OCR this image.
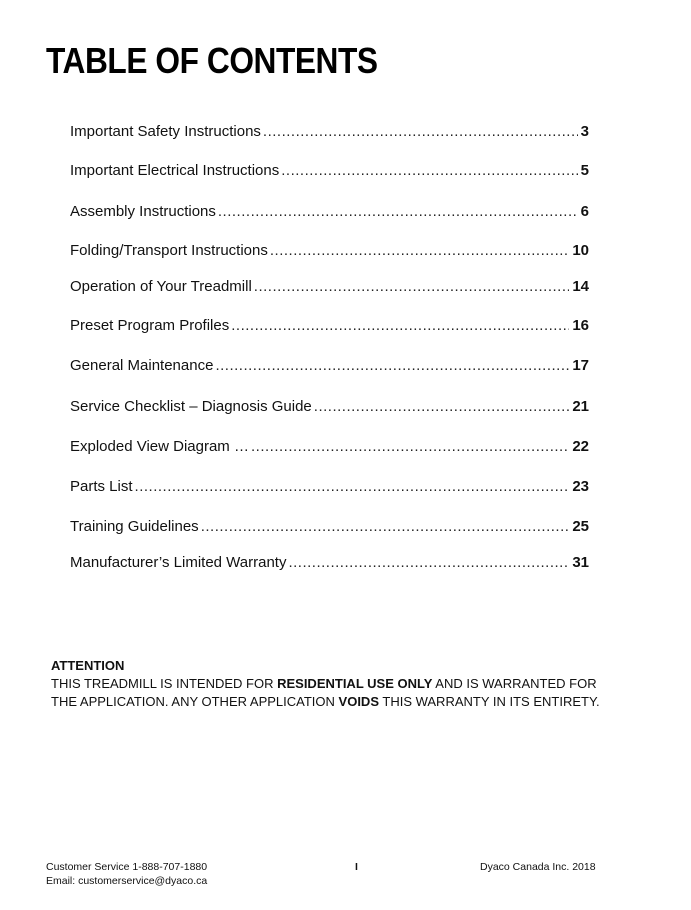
TABLE OF CONTENTS
Important Safety Instructions .....	3
Important Electrical Instructions .....	5
Assembly Instructions .....	6
Folding/Transport Instructions .....	10
Operation of Your Treadmill .....	14
Preset Program Profiles .....	16
General Maintenance .....	17
Service Checklist – Diagnosis Guide .....	21
Exploded View Diagram … .....	22
Parts List .....	23
Training Guidelines .....	25
Manufacturer’s Limited Warranty .....	31
ATTENTION
THIS TREADMILL IS INTENDED FOR RESIDENTIAL USE ONLY AND IS WARRANTED FOR
THE APPLICATION. ANY OTHER APPLICATION VOIDS THIS WARRANTY IN ITS ENTIRETY.
Customer Service 1-888-707-1880
Email: customerservice@dyaco.ca
I	Dyaco Canada Inc. 2018
